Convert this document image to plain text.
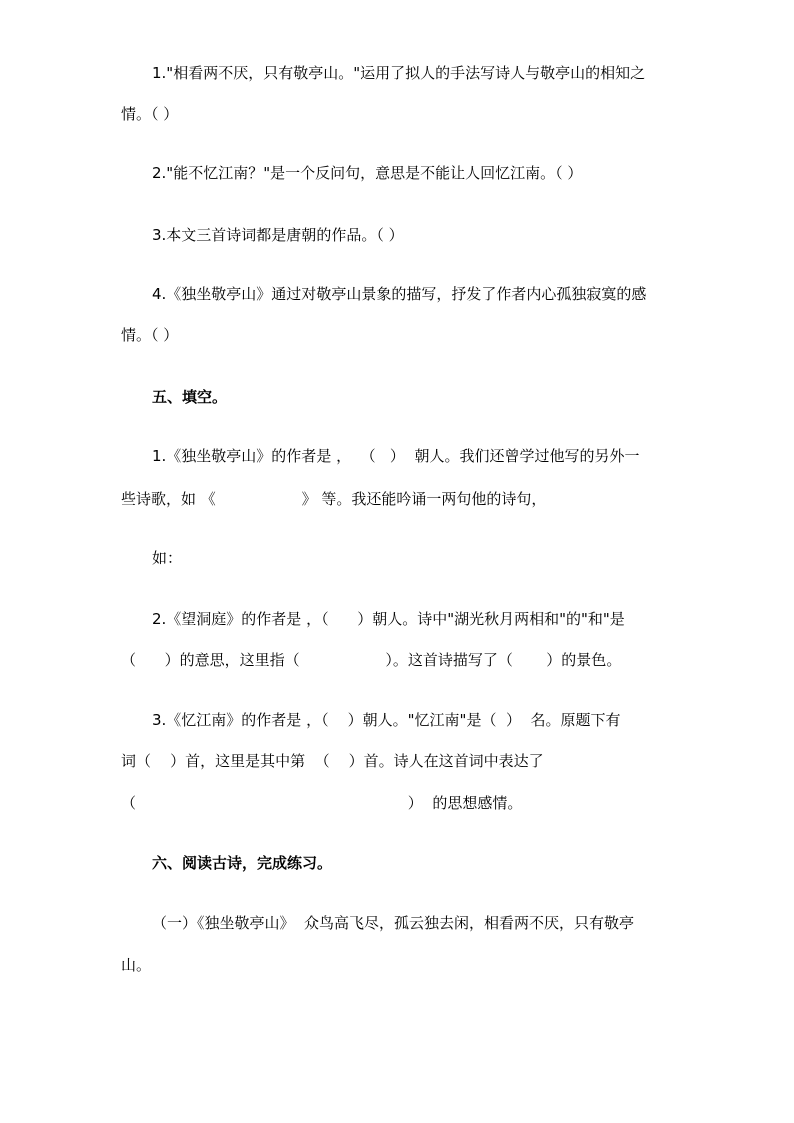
1."相看两不厌，只有敬亭山。"运用了拟人的手法写诗人与敬亭山的相知之
情。（ ）
2."能不忆江南？"是一个反问句，意思是不能让人回忆江南。（ ）
3.本文三首诗词都是唐朝的作品。（ ）
4.《独坐敬亭山》通过对敬亭山景象的描写，抒发了作者内心孤独寂寞的感
情。（ ）
五、填空。
1.《独坐敬亭山》的作者是 ，  （   ）  朝人。我们还曾学过他写的另外一
些诗歌，如 《                  》 等。我还能吟诵一两句他的诗句，
如：
2.《望洞庭》的作者是 ，（      ）朝人。诗中"湖光秋月两相和"的"和"是
（      ）的意思，这里指（                  ）。这首诗描写了（       ）的景色。
3.《忆江南》的作者是 ，（    ）朝人。"忆江南"是（  ）  名。原题下有
词（    ）首，这里是其中第  （    ）首。诗人在这首词中表达了
（                                                         ）  的思想感情。
六、阅读古诗，完成练习。
（一）《独坐敬亭山》  众鸟高飞尽，孤云独去闲，相看两不厌，只有敬亭
山。
